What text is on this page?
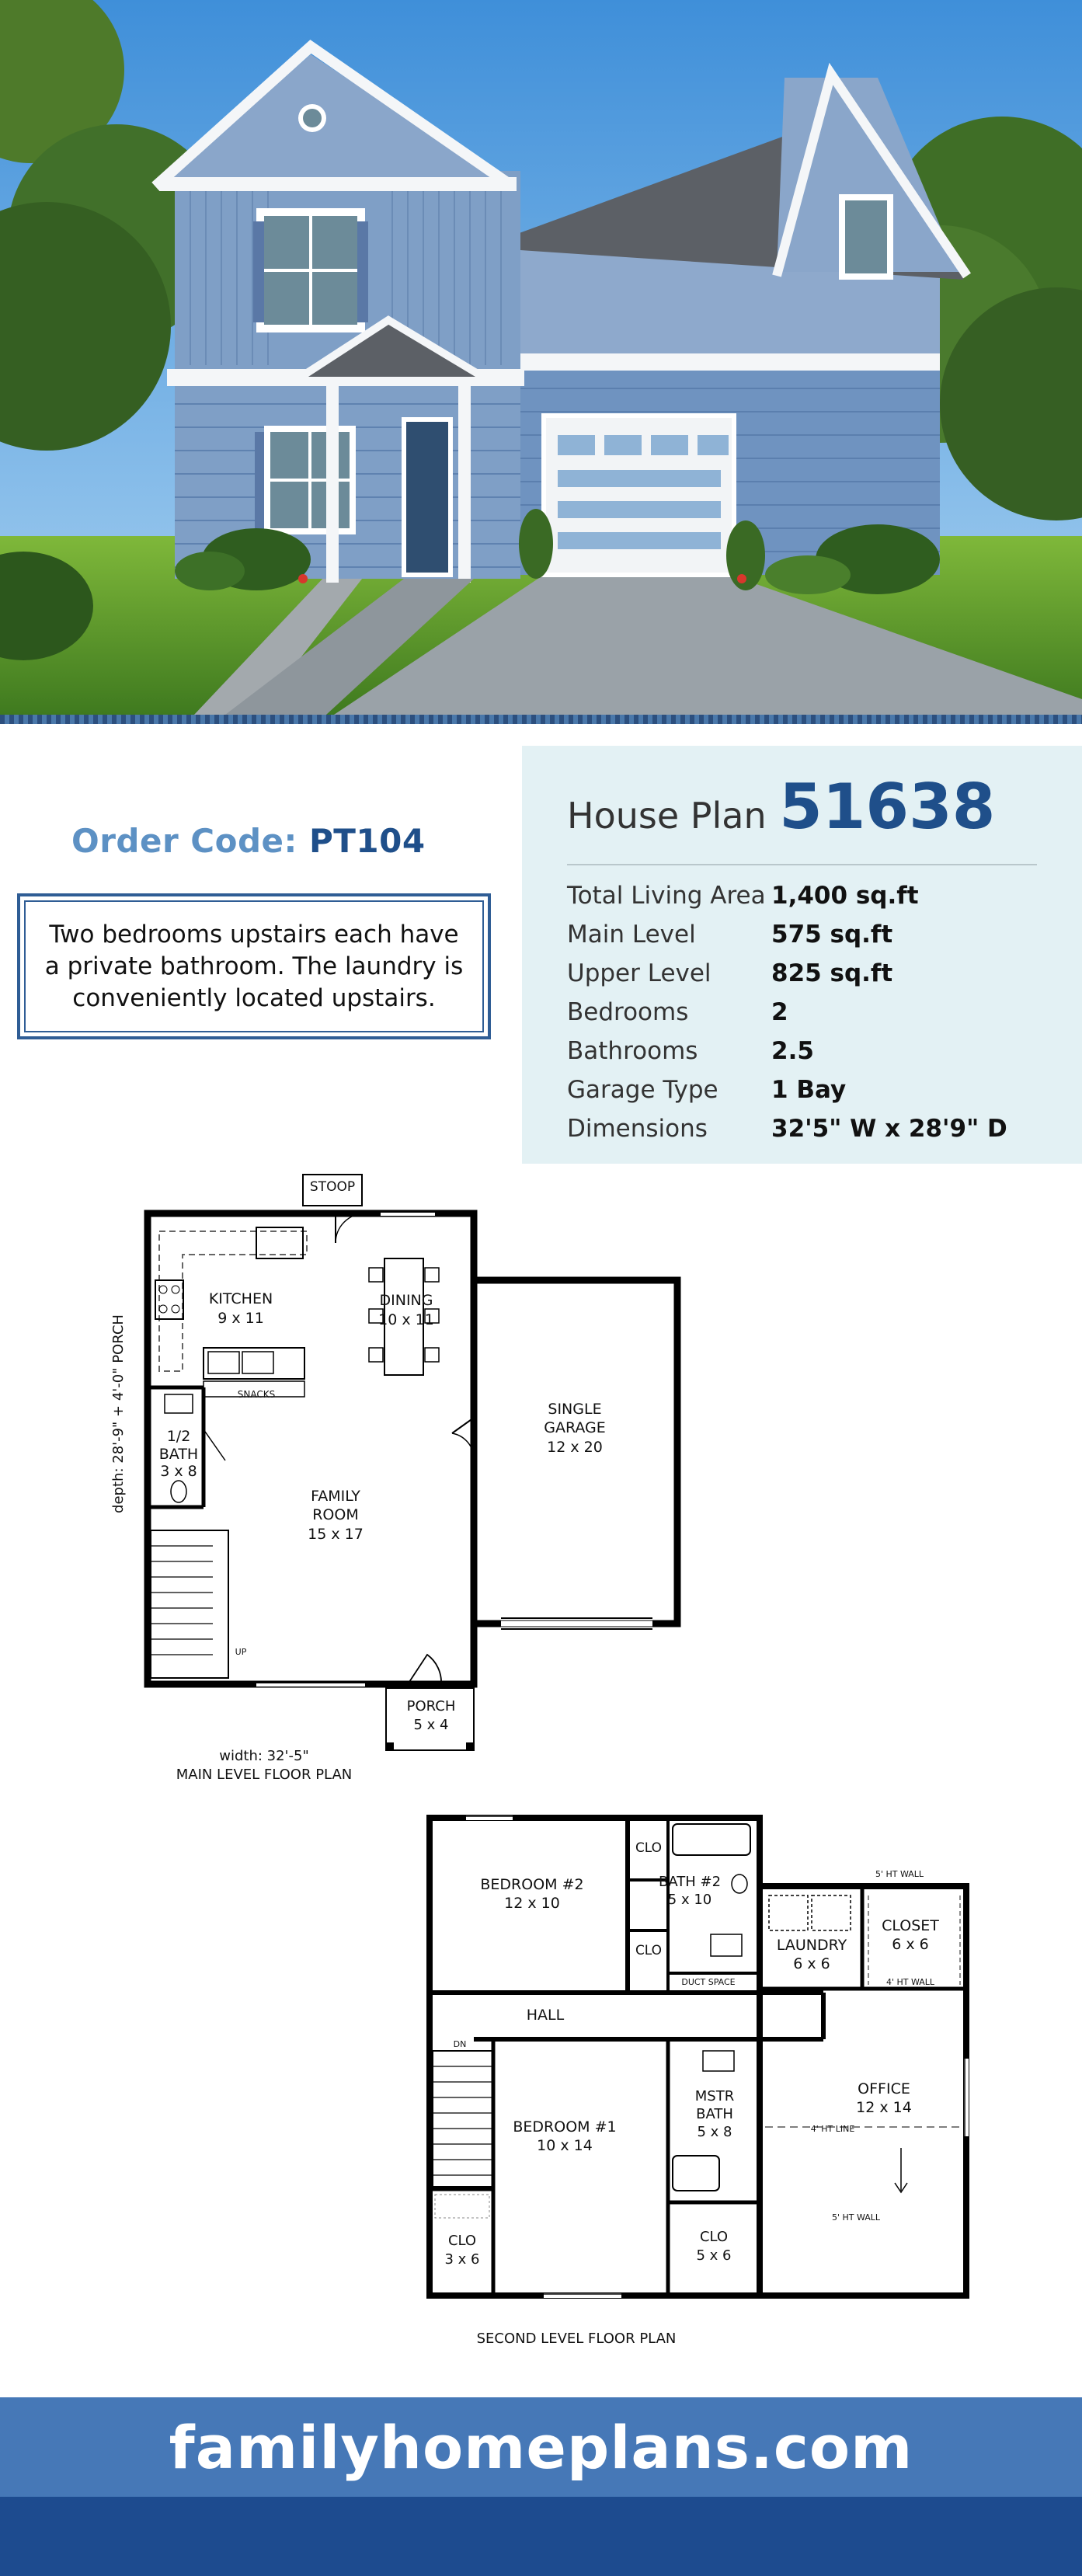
Order Code: PT104

Two bedrooms upstairs each have a private bathroom. The laundry is conveniently located upstairs.

House Plan 51638
Total Living Area 1,400 sq.ft
Main Level	575 sq.ft
Upper Level	825 sq.ft
Bedrooms	2
Bathrooms	2.5
Garage Type	1 Bay
Dimensions	32'5" W x 28'9" D
STOOP
KITCHEN
9 x 11
DINING
10 x 11
SNACKS
1/2
BATH
3 x 8
FAMILY
ROOM
15 x 17
SINGLE
GARAGE
12 x 20
PORCH
5 x 4
UP
width: 32'-5"
MAIN LEVEL FLOOR PLAN
depth: 28'-9" + 4'-0" PORCH
BEDROOM #2
12 x 10
BATH #2
5 x 10
CLO
CLO
DUCT SPACE
LAUNDRY
6 x 6
CLOSET
6 x 6
5' HT WALL
4' HT WALL
HALL
DN
BEDROOM #1
10 x 14
MSTR
BATH
5 x 8
OFFICE
12 x 14
4' HT LINE
5' HT WALL
CLO
3 x 6
CLO
5 x 6
SECOND LEVEL FLOOR PLAN
familyhomeplans.com
